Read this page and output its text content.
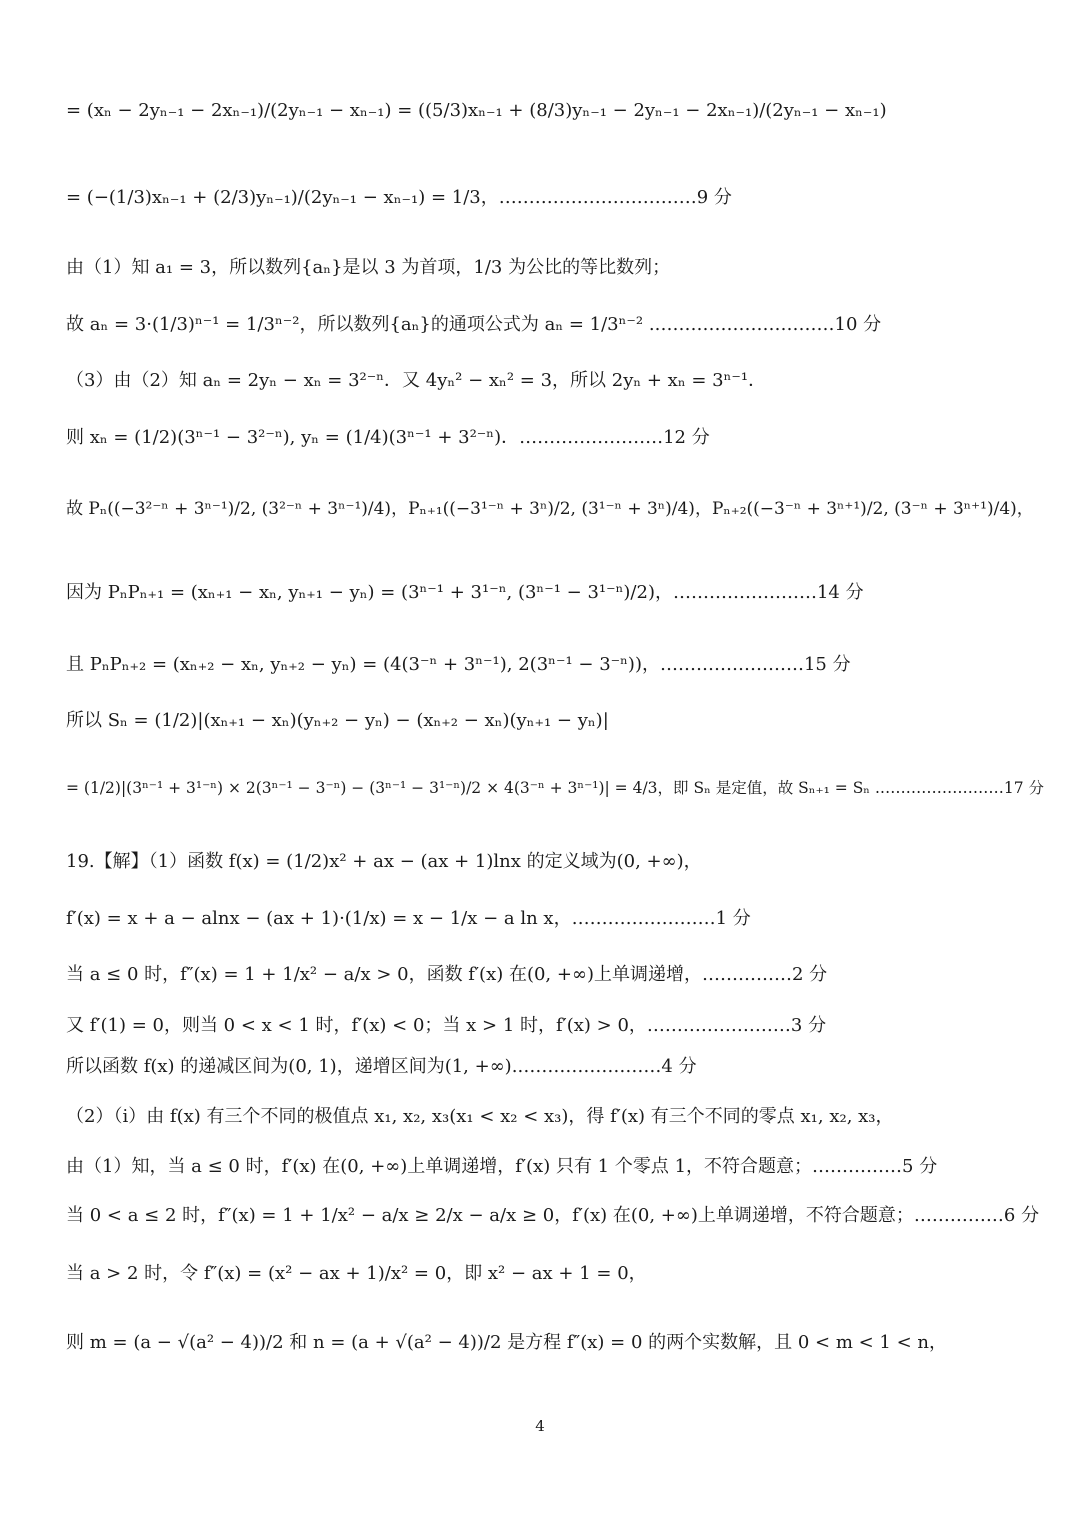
= (xₙ − 2yₙ₋₁ − 2xₙ₋₁)/(2yₙ₋₁ − xₙ₋₁) = ((5/3)xₙ₋₁ + (8/3)yₙ₋₁ − 2yₙ₋₁ − 2xₙ₋₁)/(2yₙ₋₁ − xₙ₋₁)
= (−(1/3)xₙ₋₁ + (2/3)yₙ₋₁)/(2yₙ₋₁ − xₙ₋₁) = 1/3，……………………………9 分
由（1）知 a₁ = 3，所以数列{aₙ}是以 3 为首项，1/3 为公比的等比数列；
故 aₙ = 3·(1/3)ⁿ⁻¹ = 1/3ⁿ⁻²，所以数列{aₙ}的通项公式为 aₙ = 1/3ⁿ⁻² .…………………………10 分
（3）由（2）知 aₙ = 2yₙ − xₙ = 3²⁻ⁿ．又 4yₙ² − xₙ² = 3，所以 2yₙ + xₙ = 3ⁿ⁻¹．
则 xₙ = (1/2)(3ⁿ⁻¹ − 3²⁻ⁿ), yₙ = (1/4)(3ⁿ⁻¹ + 3²⁻ⁿ)．……………………12 分
故 Pₙ((−3²⁻ⁿ + 3ⁿ⁻¹)/2, (3²⁻ⁿ + 3ⁿ⁻¹)/4)，Pₙ₊₁((−3¹⁻ⁿ + 3ⁿ)/2, (3¹⁻ⁿ + 3ⁿ)/4)，Pₙ₊₂((−3⁻ⁿ + 3ⁿ⁺¹)/2, (3⁻ⁿ + 3ⁿ⁺¹)/4)，
因为 PₙPₙ₊₁ = (xₙ₊₁ − xₙ, yₙ₊₁ − yₙ) = (3ⁿ⁻¹ + 3¹⁻ⁿ, (3ⁿ⁻¹ − 3¹⁻ⁿ)/2)，……………………14 分
且 PₙPₙ₊₂ = (xₙ₊₂ − xₙ, yₙ₊₂ − yₙ) = (4(3⁻ⁿ + 3ⁿ⁻¹), 2(3ⁿ⁻¹ − 3⁻ⁿ))，……………………15 分
所以 Sₙ = (1/2)|(xₙ₊₁ − xₙ)(yₙ₊₂ − yₙ) − (xₙ₊₂ − xₙ)(yₙ₊₁ − yₙ)|
= (1/2)|(3ⁿ⁻¹ + 3¹⁻ⁿ) × 2(3ⁿ⁻¹ − 3⁻ⁿ) − (3ⁿ⁻¹ − 3¹⁻ⁿ)/2 × 4(3⁻ⁿ + 3ⁿ⁻¹)| = 4/3，即 Sₙ 是定值，故 Sₙ₊₁ = Sₙ .……………………17 分
19.【解】（1）函数 f(x) = (1/2)x² + ax − (ax + 1)lnx 的定义域为(0, +∞)，
f′(x) = x + a − alnx − (ax + 1)·(1/x) = x − 1/x − a ln x，……………………1 分
当 a ≤ 0 时，f″(x) = 1 + 1/x² − a/x > 0，函数 f′(x) 在(0, +∞)上单调递增，……………2 分
又 f′(1) = 0，则当 0 < x < 1 时，f′(x) < 0；当 x > 1 时，f′(x) > 0，……………………3 分
所以函数 f(x) 的递减区间为(0, 1)，递增区间为(1, +∞).……………………4 分
（2）（i）由 f(x) 有三个不同的极值点 x₁, x₂, x₃(x₁ < x₂ < x₃)，得 f′(x) 有三个不同的零点 x₁, x₂, x₃，
由（1）知，当 a ≤ 0 时，f′(x) 在(0, +∞)上单调递增，f′(x) 只有 1 个零点 1，不符合题意；……………5 分
当 0 < a ≤ 2 时，f″(x) = 1 + 1/x² − a/x ≥ 2/x − a/x ≥ 0，f′(x) 在(0, +∞)上单调递增，不符合题意；……………6 分
当 a > 2 时，令 f″(x) = (x² − ax + 1)/x² = 0，即 x² − ax + 1 = 0，
则 m = (a − √(a² − 4))/2 和 n = (a + √(a² − 4))/2 是方程 f″(x) = 0 的两个实数解，且 0 < m < 1 < n，
4
